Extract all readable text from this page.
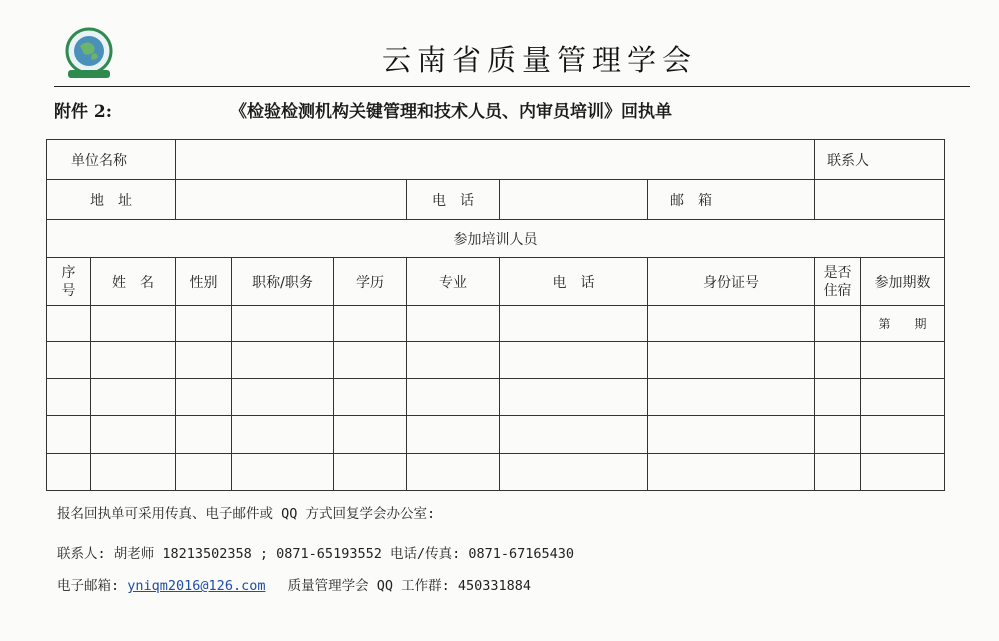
云南省质量管理学会
附件 2:	《检验检测机构关键管理和技术人员、内审员培训》回执单
单位名称								联系人	
地　址					电　话		邮　箱		
参加培训人员									

序号	姓　名	性别	职称/职务	学历	专业	电　话	身份证号	是否住宿	参加期数
									第　　期

报名回执单可采用传真、电子邮件或 QQ 方式回复学会办公室:
联系人: 胡老师 18213502358 ; 0871-65193552 电话/传真: 0871-67165430
电子邮箱: yniqm2016@126.com 质量管理学会 QQ 工作群: 450331884
